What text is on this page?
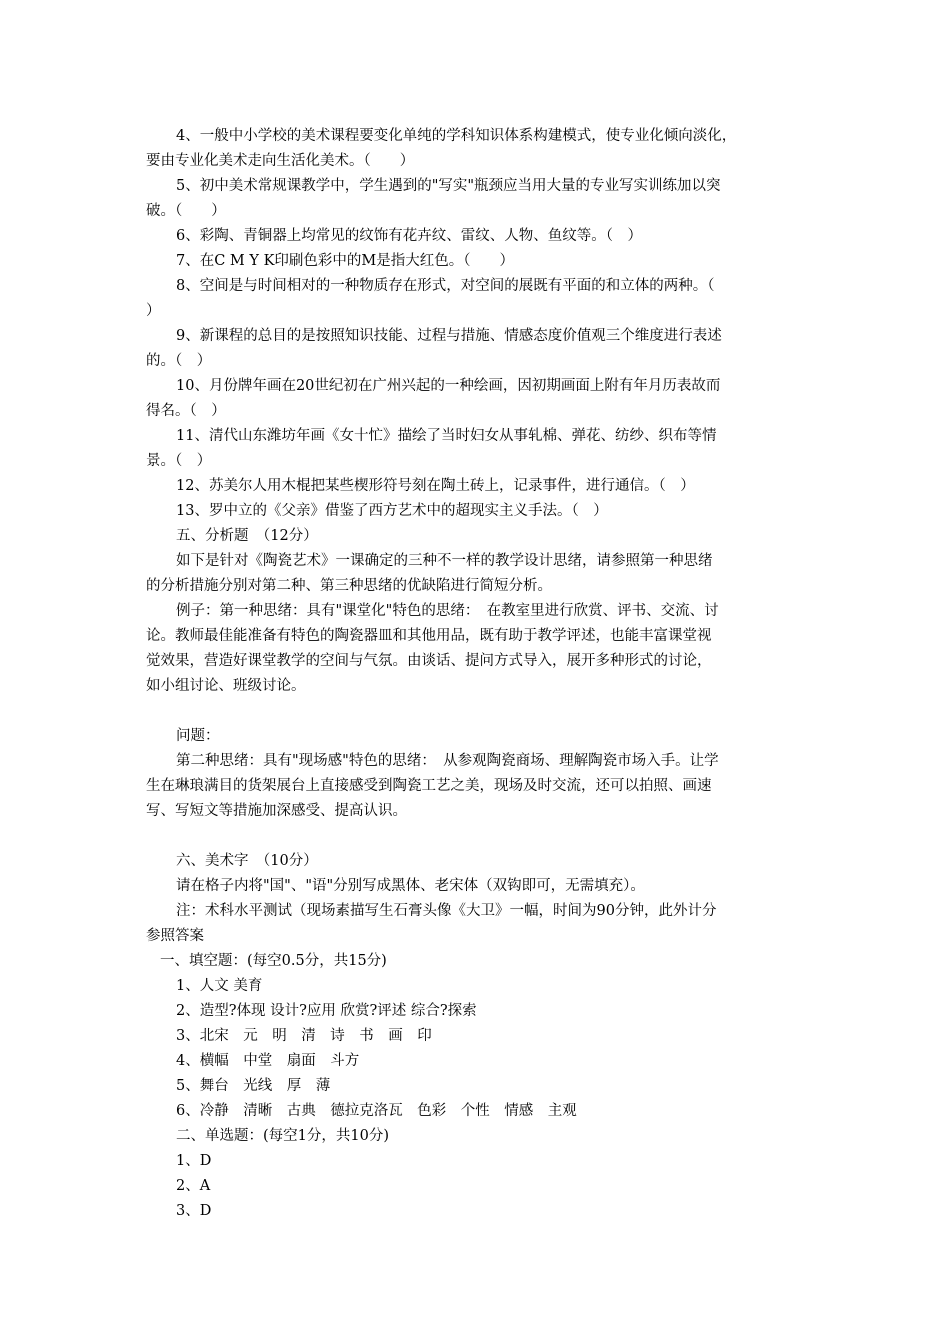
4、一般中小学校的美术课程要变化单纯的学科知识体系构建模式，使专业化倾向淡化，
要由专业化美术走向生活化美术。（　　）
5、初中美术常规课教学中，学生遇到的"写实"瓶颈应当用大量的专业写实训练加以突
破。（　　）
6、彩陶、青铜器上均常见的纹饰有花卉纹、雷纹、人物、鱼纹等。（　）
7、在C M Y K印刷色彩中的M是指大红色。（　　）
8、空间是与时间相对的一种物质存在形式，对空间的展既有平面的和立体的两种。（
）
9、新课程的总目的是按照知识技能、过程与措施、情感态度价值观三个维度进行表述
的。（　）
10、月份牌年画在20世纪初在广州兴起的一种绘画，因初期画面上附有年月历表故而
得名。（　）
11、清代山东潍坊年画《女十忙》描绘了当时妇女从事轧棉、弹花、纺纱、织布等情
景。（　）
12、苏美尔人用木棍把某些楔形符号刻在陶土砖上，记录事件，进行通信。（　）
13、罗中立的《父亲》借鉴了西方艺术中的超现实主义手法。（　）
五、分析题　（12分）
如下是针对《陶瓷艺术》一课确定的三种不一样的教学设计思绪，请参照第一种思绪
的分析措施分别对第二种、第三种思绪的优缺陷进行简短分析。
例子：第一种思绪：具有"课堂化"特色的思绪：　在教室里进行欣赏、评书、交流、讨
论。教师最佳能准备有特色的陶瓷器皿和其他用品，既有助于教学评述，也能丰富课堂视
觉效果，营造好课堂教学的空间与气氛。由谈话、提问方式导入，展开多种形式的讨论，
如小组讨论、班级讨论。
问题：
第二种思绪：具有"现场感"特色的思绪：　从参观陶瓷商场、理解陶瓷市场入手。让学
生在琳琅满目的货架展台上直接感受到陶瓷工艺之美，现场及时交流，还可以拍照、画速
写、写短文等措施加深感受、提高认识。
六、美术字　（10分）
请在格子内将"国"、"语"分别写成黑体、老宋体（双钩即可，无需填充）。
注：术科水平测试（现场素描写生石膏头像《大卫》一幅，时间为90分钟，此外计分
参照答案
一、填空题：(每空0.5分，共15分)
1、人文 美育
2、造型?体现 设计?应用 欣赏?评述 综合?探索
3、北宋　元　明　清　诗　书　画　印
4、横幅　中堂　扇面　斗方
5、舞台　光线　厚　薄
6、冷静　清晰　古典　德拉克洛瓦　色彩　个性　情感　主观
二、单选题：(每空1分，共10分)
1、D
2、A
3、D
